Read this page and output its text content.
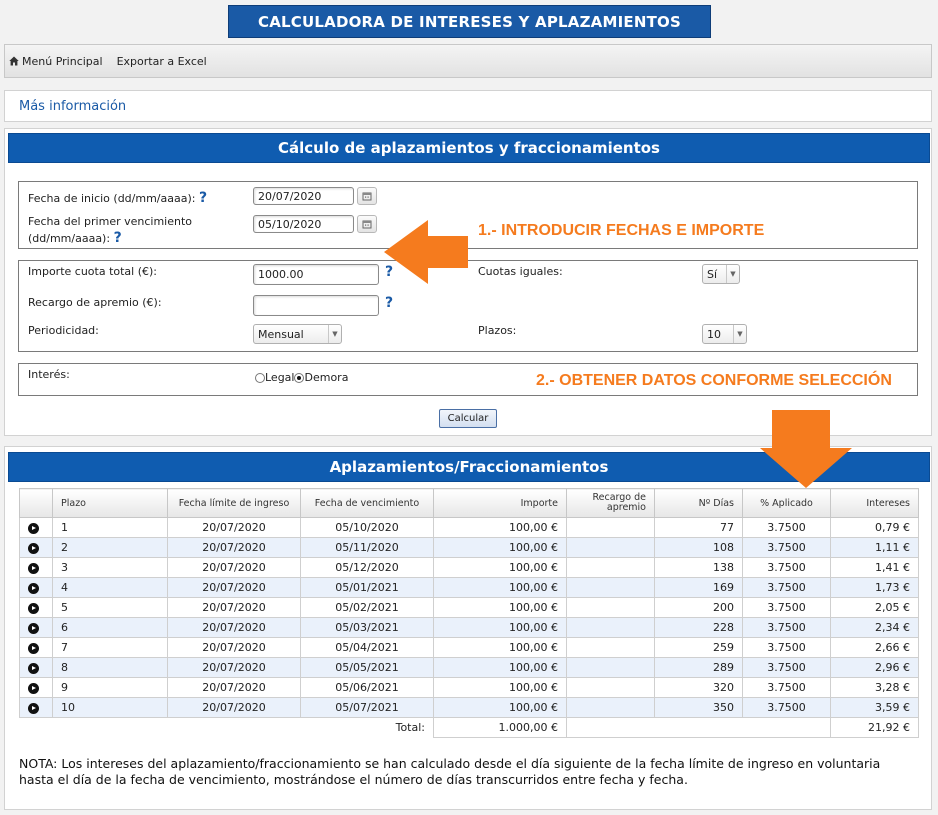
CALCULADORA DE INTERESES Y APLAZAMIENTOS
Menú Principal Exportar a Excel
Más información
Cálculo de aplazamientos y fraccionamientos
Fecha de inicio (dd/mm/aaaa): ?
20/07/2020
Fecha del primer vencimiento
(dd/mm/aaaa): ?
05/10/2020
Importe cuota total (€):
1000.00	?
Recargo de apremio (€):	?
Periodicidad:	Mensual	▼
Cuotas iguales:	Sí	▼
Plazos:	10	▼
Interés:	Legal Demora
1.- INTRODUCIR FECHAS E IMPORTE
2.- OBTENER DATOS CONFORME SELECCIÓN
Calcular
Aplazamientos/Fraccionamientos
	Plazo	Fecha límite de ingreso	Fecha de vencimiento	Importe	Recargo de apremio	Nº Días	% Aplicado	Intereses
	1	20/07/2020	05/10/2020	100,00 €		77	3.7500	0,79 €
	2	20/07/2020	05/11/2020	100,00 €		108	3.7500	1,11 €
	3	20/07/2020	05/12/2020	100,00 €		138	3.7500	1,41 €
	4	20/07/2020	05/01/2021	100,00 €		169	3.7500	1,73 €
	5	20/07/2020	05/02/2021	100,00 €		200	3.7500	2,05 €
	6	20/07/2020	05/03/2021	100,00 €		228	3.7500	2,34 €
	7	20/07/2020	05/04/2021	100,00 €		259	3.7500	2,66 €
	8	20/07/2020	05/05/2021	100,00 €		289	3.7500	2,96 €
	9	20/07/2020	05/06/2021	100,00 €		320	3.7500	3,28 €
	10	20/07/2020	05/07/2021	100,00 €		350	3.7500	3,59 €
Total:				1.000,00 €				21,92 €
NOTA: Los intereses del aplazamiento/fraccionamiento se han calculado desde el día siguiente de la fecha límite de ingreso en voluntaria
hasta el día de la fecha de vencimiento, mostrándose el número de días transcurridos entre fecha y fecha.
